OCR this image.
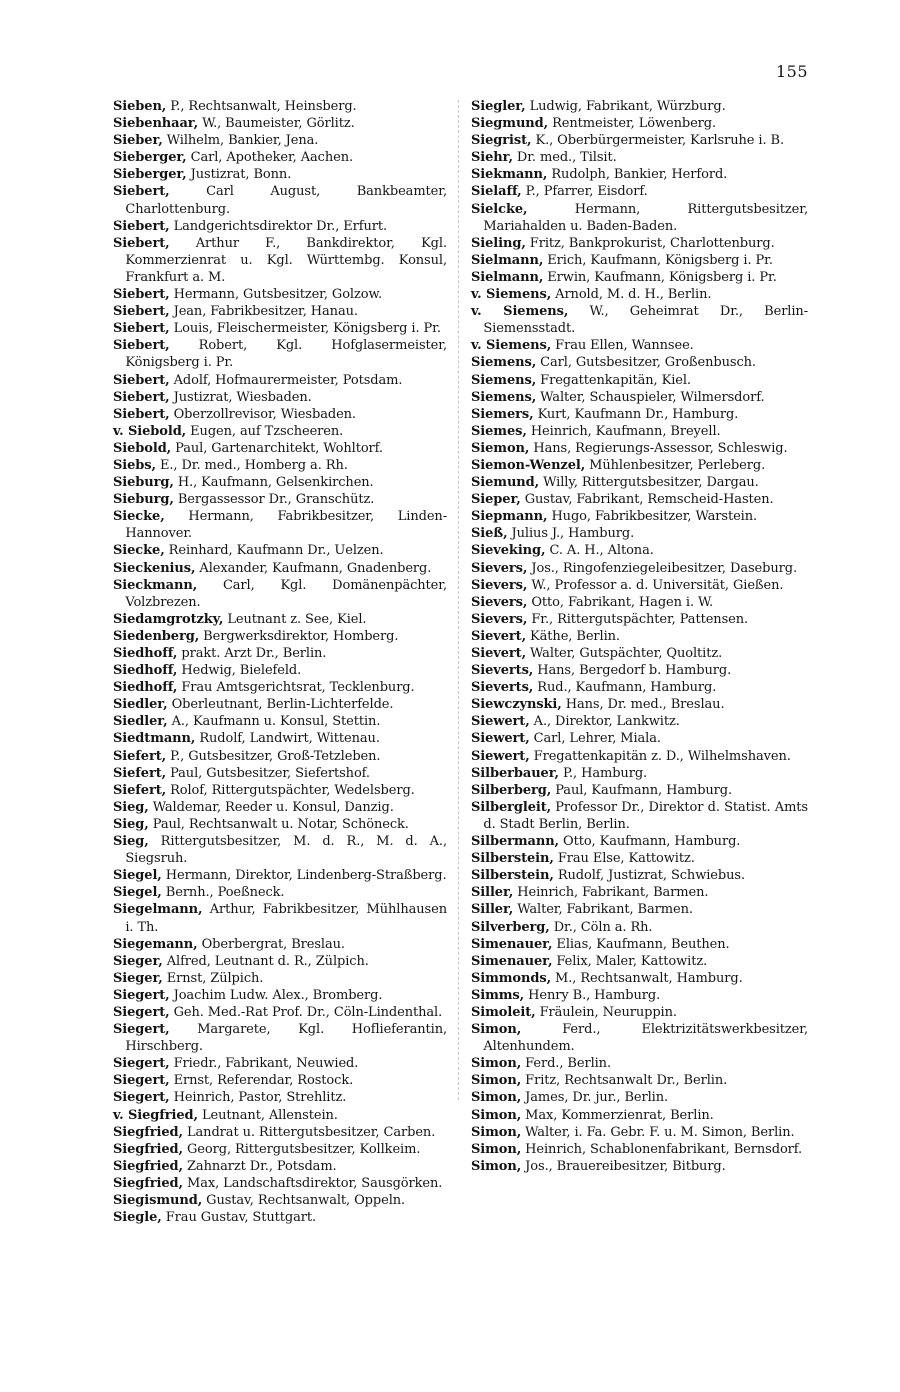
155
Sieben, P., Rechtsanwalt, Heinsberg.
Siebenhaar, W., Baumeister, Görlitz.
Sieber, Wilhelm, Bankier, Jena.
Sieberger, Carl, Apotheker, Aachen.
Sieberger, Justizrat, Bonn.
Siebert, Carl August, Bankbeamter, Charlottenburg.
Siebert, Landgerichtsdirektor Dr., Erfurt.
Siebert, Arthur F., Bankdirektor, Kgl. Kommerzienrat u. Kgl. Württembg. Konsul, Frankfurt a. M.
Siebert, Hermann, Gutsbesitzer, Golzow.
Siebert, Jean, Fabrikbesitzer, Hanau.
Siebert, Louis, Fleischermeister, Königsberg i. Pr.
Siebert, Robert, Kgl. Hofglasermeister, Königsberg i. Pr.
Siebert, Adolf, Hofmaurermeister, Potsdam.
Siebert, Justizrat, Wiesbaden.
Siebert, Oberzollrevisor, Wiesbaden.
v. Siebold, Eugen, auf Tzscheeren.
Siebold, Paul, Gartenarchitekt, Wohltorf.
Siebs, E., Dr. med., Homberg a. Rh.
Sieburg, H., Kaufmann, Gelsenkirchen.
Sieburg, Bergassessor Dr., Granschütz.
Siecke, Hermann, Fabrikbesitzer, Linden-Hannover.
Siecke, Reinhard, Kaufmann Dr., Uelzen.
Sieckenius, Alexander, Kaufmann, Gnadenberg.
Sieckmann, Carl, Kgl. Domänenpächter, Volzbrezen.
Siedamgrotzky, Leutnant z. See, Kiel.
Siedenberg, Bergwerksdirektor, Homberg.
Siedhoff, prakt. Arzt Dr., Berlin.
Siedhoff, Hedwig, Bielefeld.
Siedhoff, Frau Amtsgerichtsrat, Tecklenburg.
Siedler, Oberleutnant, Berlin-Lichterfelde.
Siedler, A., Kaufmann u. Konsul, Stettin.
Siedtmann, Rudolf, Landwirt, Wittenau.
Siefert, P., Gutsbesitzer, Groß-Tetzleben.
Siefert, Paul, Gutsbesitzer, Siefertshof.
Siefert, Rolof, Rittergutspächter, Wedelsberg.
Sieg, Waldemar, Reeder u. Konsul, Danzig.
Sieg, Paul, Rechtsanwalt u. Notar, Schöneck.
Sieg, Rittergutsbesitzer, M. d. R., M. d. A., Siegsruh.
Siegel, Hermann, Direktor, Lindenberg-Straßberg.
Siegel, Bernh., Poeßneck.
Siegelmann, Arthur, Fabrikbesitzer, Mühlhausen i. Th.
Siegemann, Oberbergrat, Breslau.
Sieger, Alfred, Leutnant d. R., Zülpich.
Sieger, Ernst, Zülpich.
Siegert, Joachim Ludw. Alex., Bromberg.
Siegert, Geh. Med.-Rat Prof. Dr., Cöln-Lindenthal.
Siegert, Margarete, Kgl. Hoflieferantin, Hirschberg.
Siegert, Friedr., Fabrikant, Neuwied.
Siegert, Ernst, Referendar, Rostock.
Siegert, Heinrich, Pastor, Strehlitz.
v. Siegfried, Leutnant, Allenstein.
Siegfried, Landrat u. Rittergutsbesitzer, Carben.
Siegfried, Georg, Rittergutsbesitzer, Kollkeim.
Siegfried, Zahnarzt Dr., Potsdam.
Siegfried, Max, Landschaftsdirektor, Sausgörken.
Siegismund, Gustav, Rechtsanwalt, Oppeln.
Siegle, Frau Gustav, Stuttgart.
Siegler, Ludwig, Fabrikant, Würzburg.
Siegmund, Rentmeister, Löwenberg.
Siegrist, K., Oberbürgermeister, Karlsruhe i. B.
Siehr, Dr. med., Tilsit.
Siekmann, Rudolph, Bankier, Herford.
Sielaff, P., Pfarrer, Eisdorf.
Sielcke, Hermann, Rittergutsbesitzer, Mariahalden u. Baden-Baden.
Sieling, Fritz, Bankprokurist, Charlottenburg.
Sielmann, Erich, Kaufmann, Königsberg i. Pr.
Sielmann, Erwin, Kaufmann, Königsberg i. Pr.
v. Siemens, Arnold, M. d. H., Berlin.
v. Siemens, W., Geheimrat Dr., Berlin-Siemensstadt.
v. Siemens, Frau Ellen, Wannsee.
Siemens, Carl, Gutsbesitzer, Großenbusch.
Siemens, Fregattenkapitän, Kiel.
Siemens, Walter, Schauspieler, Wilmersdorf.
Siemers, Kurt, Kaufmann Dr., Hamburg.
Siemes, Heinrich, Kaufmann, Breyell.
Siemon, Hans, Regierungs-Assessor, Schleswig.
Siemon-Wenzel, Mühlenbesitzer, Perleberg.
Siemund, Willy, Rittergutsbesitzer, Dargau.
Sieper, Gustav, Fabrikant, Remscheid-Hasten.
Siepmann, Hugo, Fabrikbesitzer, Warstein.
Sieß, Julius J., Hamburg.
Sieveking, C. A. H., Altona.
Sievers, Jos., Ringofenziegeleibesitzer, Daseburg.
Sievers, W., Professor a. d. Universität, Gießen.
Sievers, Otto, Fabrikant, Hagen i. W.
Sievers, Fr., Rittergutspächter, Pattensen.
Sievert, Käthe, Berlin.
Sievert, Walter, Gutspächter, Quoltitz.
Sieverts, Hans, Bergedorf b. Hamburg.
Sieverts, Rud., Kaufmann, Hamburg.
Siewczynski, Hans, Dr. med., Breslau.
Siewert, A., Direktor, Lankwitz.
Siewert, Carl, Lehrer, Miala.
Siewert, Fregattenkapitän z. D., Wilhelmshaven.
Silberbauer, P., Hamburg.
Silberberg, Paul, Kaufmann, Hamburg.
Silbergleit, Professor Dr., Direktor d. Statist. Amts d. Stadt Berlin, Berlin.
Silbermann, Otto, Kaufmann, Hamburg.
Silberstein, Frau Else, Kattowitz.
Silberstein, Rudolf, Justizrat, Schwiebus.
Siller, Heinrich, Fabrikant, Barmen.
Siller, Walter, Fabrikant, Barmen.
Silverberg, Dr., Cöln a. Rh.
Simenauer, Elias, Kaufmann, Beuthen.
Simenauer, Felix, Maler, Kattowitz.
Simmonds, M., Rechtsanwalt, Hamburg.
Simms, Henry B., Hamburg.
Simoleit, Fräulein, Neuruppin.
Simon, Ferd., Elektrizitätswerkbesitzer, Altenhundem.
Simon, Ferd., Berlin.
Simon, Fritz, Rechtsanwalt Dr., Berlin.
Simon, James, Dr. jur., Berlin.
Simon, Max, Kommerzienrat, Berlin.
Simon, Walter, i. Fa. Gebr. F. u. M. Simon, Berlin.
Simon, Heinrich, Schablonenfabrikant, Bernsdorf.
Simon, Jos., Brauereibesitzer, Bitburg.
